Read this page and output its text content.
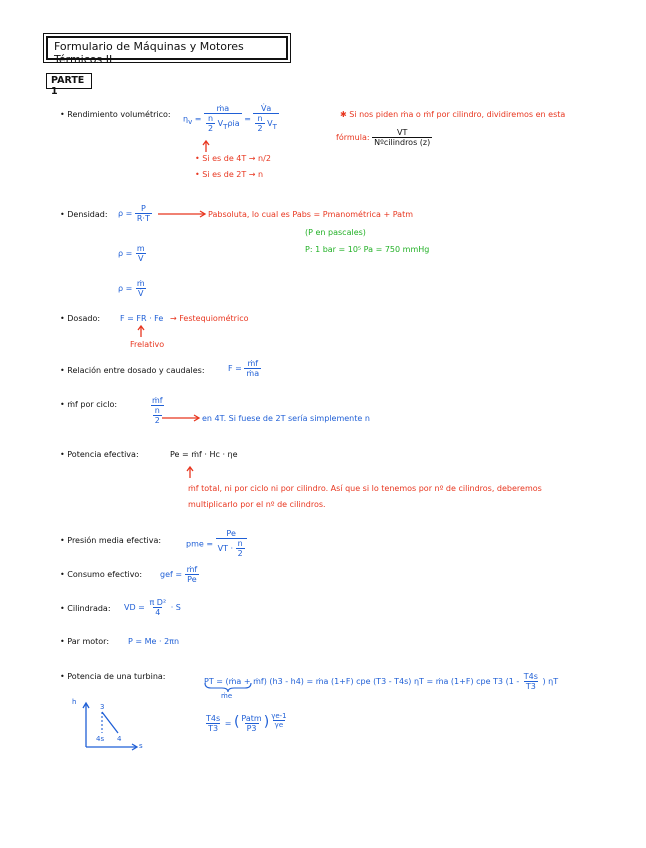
Formulario de Máquinas y Motores Térmicos II
PARTE 1
• Rendimiento volumétrico: $\eta_v = \frac{\text{ṁa}}{\frac{n}{2} V_T\rho ia} = \frac{V̇a}{\frac{n}{2} V_T}$
• Si es de 4T → n/2
• Si es de 2T → n
✱ Si nos piden ṁa o ṁf por cilindro, dividiremos en esta
fórmula: $\frac{VT}{\text{Nºcilindros (z)}}$
• Densidad: $\rho = \frac{P}{R\cdot T}$	Pabsoluta, lo cual es Pabs = Pmanométrica + Patm
(P en pascales)
P: 1 bar = 10⁵ Pa = 750 mmHg
$\rho = \frac{m}{V}$
$\rho = \frac{\text{ṁ}}{V̇}$
• Dosado: F = FR · Fe → Festequiométrico
Frelativo
• Relación entre dosado y caudales:	$F = \frac{\text{ṁf}}{\text{ṁa}}$
• ṁf por ciclo:	$\frac{\text{ṁf}}{\frac{n}{2}}$	en 4T. Si fuese de 2T sería simplemente n
• Potencia efectiva:	Pe = ṁf · Hc · ηe
ṁf total, ni por ciclo ni por cilindro. Así que si lo tenemos por nº de cilindros, deberemos
multiplicarlo por el nº de cilindros.
• Presión media efectiva:	pme = $\frac{Pe}{VT \cdot \frac{n}{2}}$
• Consumo efectivo: gef = $\frac{\text{ṁf}}{Pe}$
• Cilindrada: VD = $\frac{\text{π D²}}{4} \cdot S$
• Par motor: P = Me · 2πn
• Potencia de una turbina:
PT = (ṁa + ṁf) (h3 - h4) = ṁa (1+F) cpe (T3 - T4s) ηT = ṁa (1+F) cpe T3 ($1 - \frac{T4s}{T3}$ ) ηT
ṁe
$\frac{T4s}{T3}$ = ( $\frac{\text{Patm}}{P3}$ ) $^{\frac{\gamma e-1}{\gamma e}}$
h
s
3
4s 4
